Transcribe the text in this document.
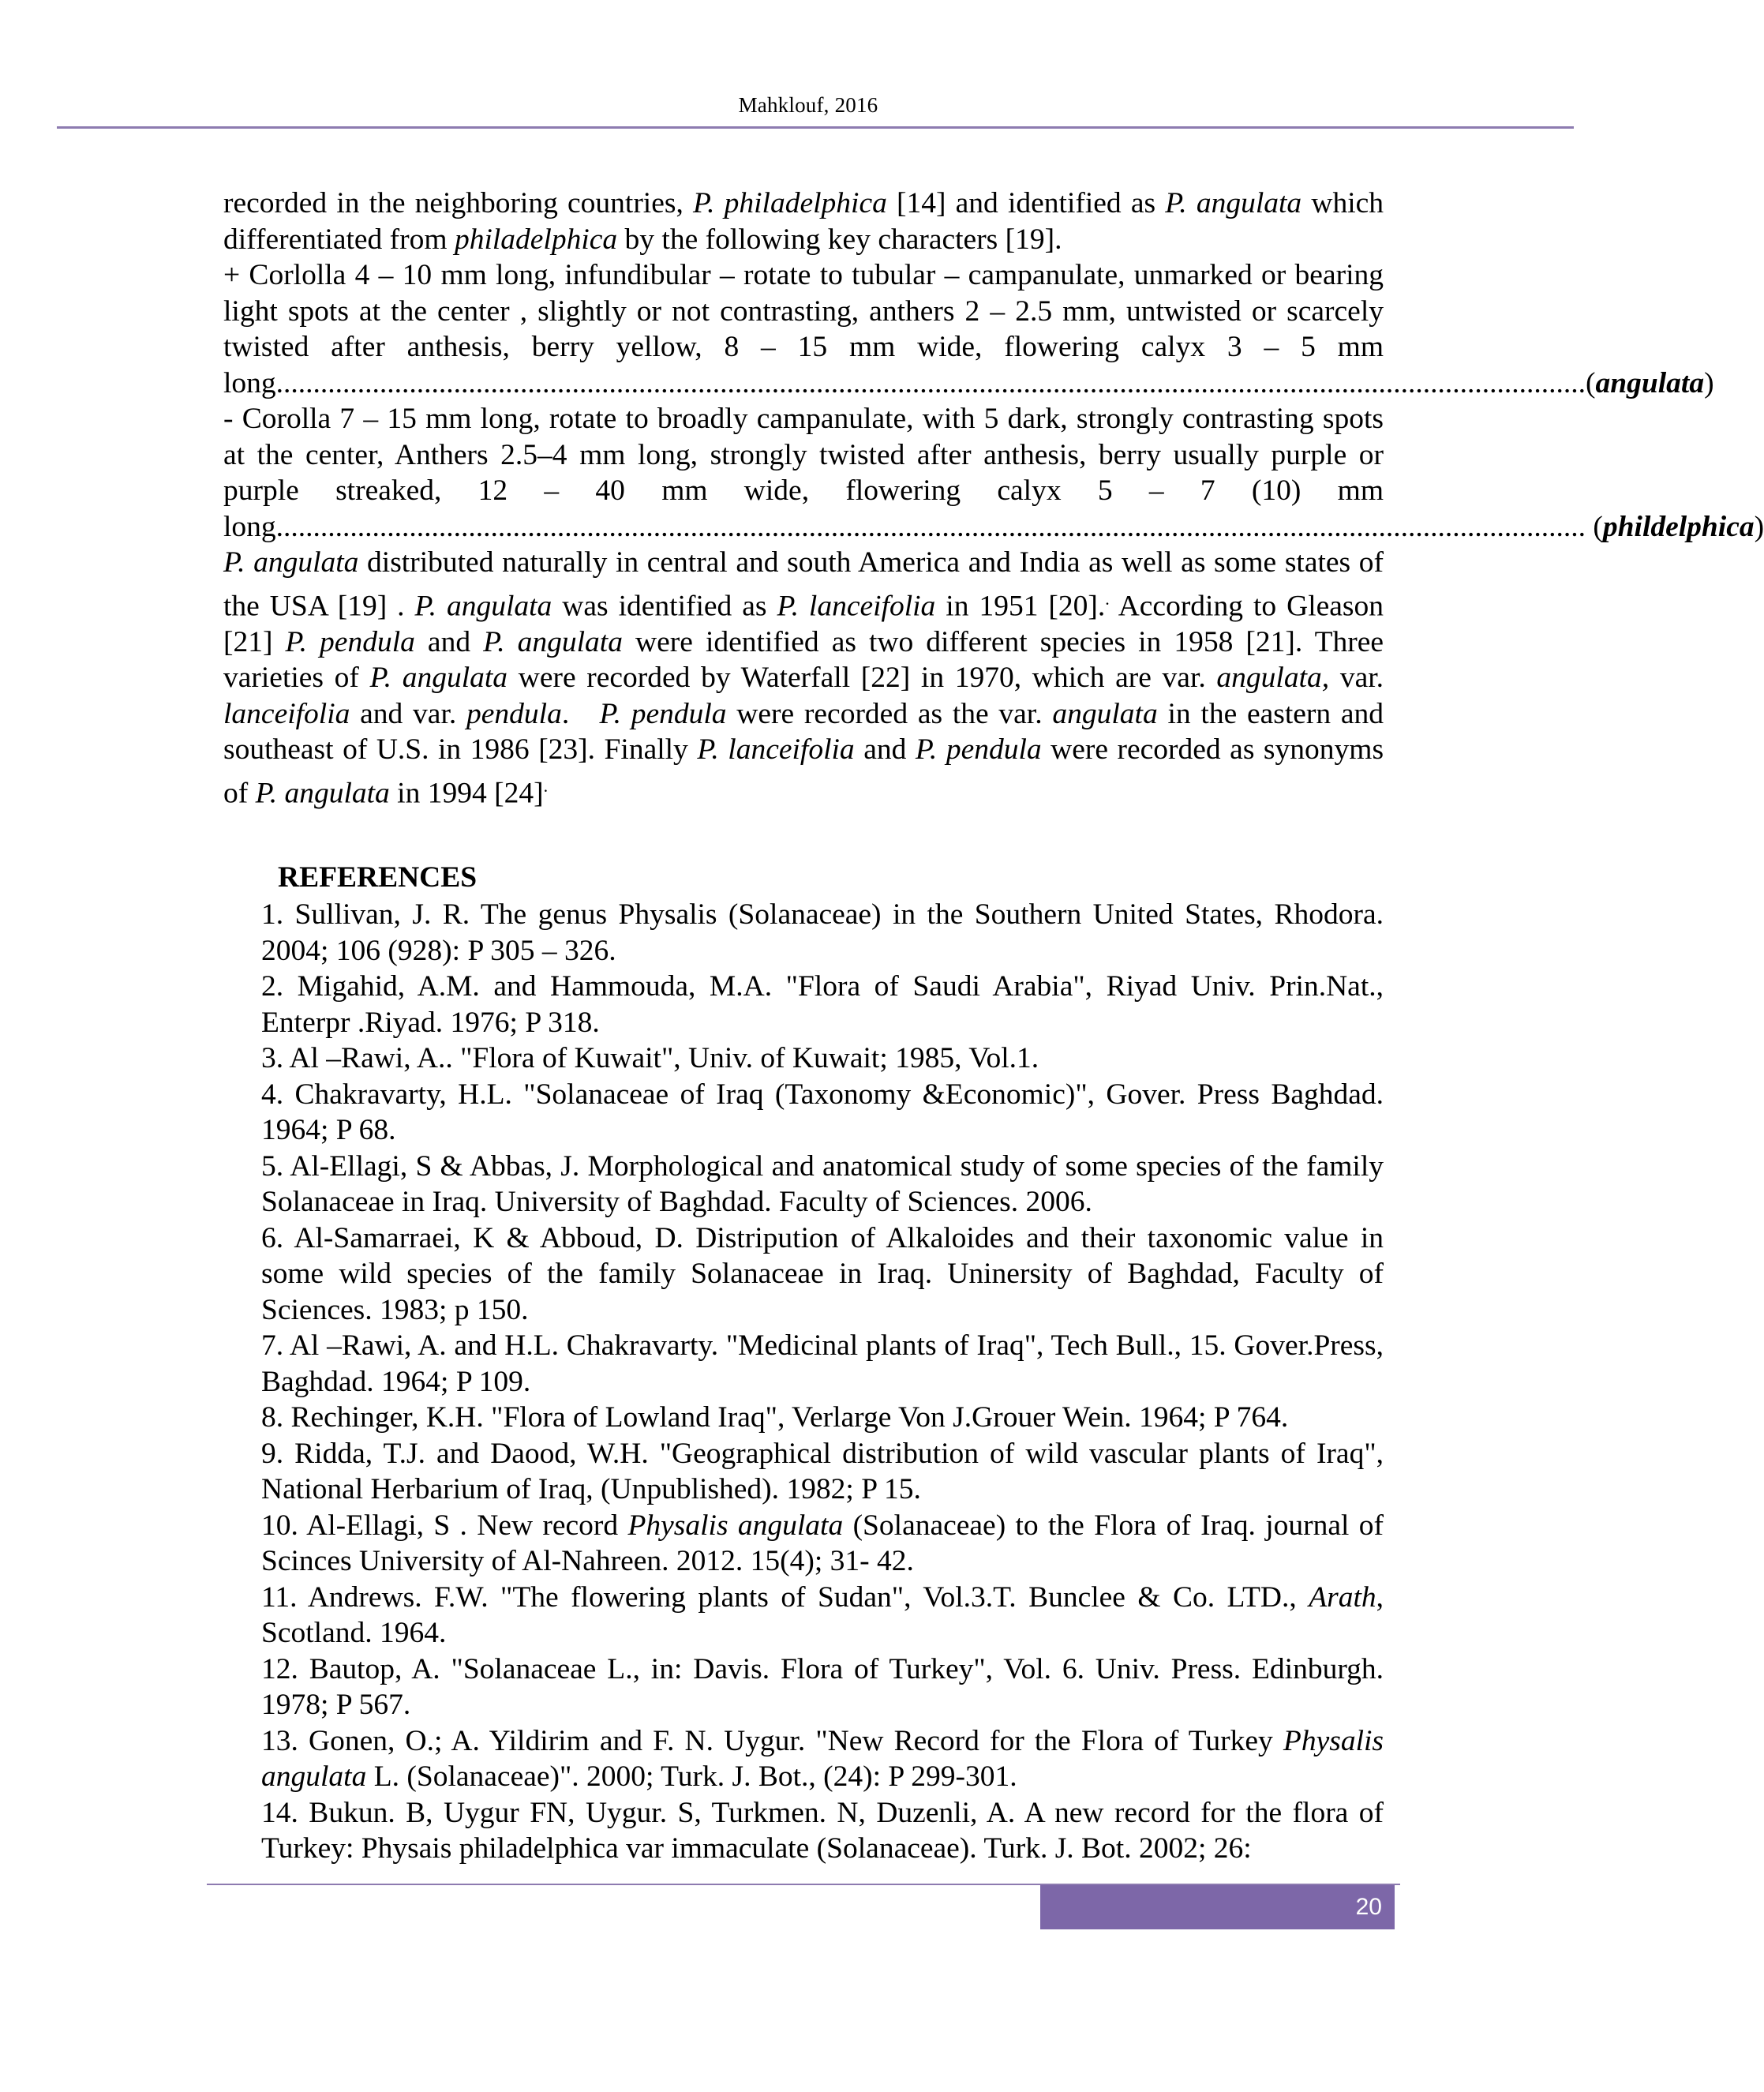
Mahklouf, 2016

recorded in the neighboring countries, P. philadelphica [14] and identified as P. angulata which differentiated from philadelphica by the following key characters [19].

+ Corlolla 4 – 10 mm long, infundibular – rotate to tubular – campanulate, unmarked or bearing light spots at the center , slightly or not contrasting, anthers 2 – 2.5 mm, untwisted or scarcely twisted after anthesis, berry yellow, 8 – 15 mm wide, flowering calyx 3 – 5 mm

long ................................................................................................................................................................................. ( angulata )

- Corolla 7 – 15 mm long, rotate to broadly campanulate, with 5 dark, strongly contrasting spots at the center, Anthers 2.5–4 mm long, strongly twisted after anthesis, berry usually purple or purple streaked, 12 – 40 mm wide, flowering calyx 5 – 7 (10) mm

long ................................................................................................................................................................................. ( phildelphica )

P. angulata distributed naturally in central and south America and India as well as some states of the USA [19] . P. angulata was identified as P. lanceifolia in 1951 [20].. According to Gleason [21] P. pendula and P. angulata were identified as two different species in 1958 [21]. Three varieties of P. angulata were recorded by Waterfall [22] in 1970, which are var. angulata, var. lanceifolia and var. pendula. P. pendula were recorded as the var. angulata in the eastern and southeast of U.S. in 1986 [23]. Finally P. lanceifolia and P. pendula were recorded as synonyms of P. angulata in 1994 [24].

REFERENCES

1. Sullivan, J. R. The genus Physalis (Solanaceae) in the Southern United States, Rhodora. 2004; 106 (928): P 305 – 326.

2. Migahid, A.M. and Hammouda, M.A. "Flora of Saudi Arabia", Riyad Univ. Prin.Nat., Enterpr .Riyad. 1976; P 318.

3. Al –Rawi, A.. "Flora of Kuwait", Univ. of Kuwait; 1985, Vol.1.

4. Chakravarty, H.L. "Solanaceae of Iraq (Taxonomy &Economic)", Gover. Press Baghdad. 1964; P 68.

5. Al-Ellagi, S & Abbas, J. Morphological and anatomical study of some species of the family Solanaceae in Iraq. University of Baghdad. Faculty of Sciences. 2006.

6. Al-Samarraei, K & Abboud, D. Distripution of Alkaloides and their taxonomic value in some wild species of the family Solanaceae in Iraq. Uninersity of Baghdad, Faculty of Sciences. 1983; p 150.

7. Al –Rawi, A. and H.L. Chakravarty. "Medicinal plants of Iraq", Tech Bull., 15. Gover.Press, Baghdad. 1964; P 109.

8. Rechinger, K.H. "Flora of Lowland Iraq", Verlarge Von J.Grouer Wein. 1964; P 764.

9. Ridda, T.J. and Daood, W.H. "Geographical distribution of wild vascular plants of Iraq", National Herbarium of Iraq, (Unpublished). 1982; P 15.

10. Al-Ellagi, S . New record Physalis angulata (Solanaceae) to the Flora of Iraq. journal of Scinces University of Al-Nahreen. 2012. 15(4); 31- 42.

11. Andrews. F.W. "The flowering plants of Sudan", Vol.3.T. Bunclee & Co. LTD., Arath, Scotland. 1964.

12. Bautop, A. "Solanaceae L., in: Davis. Flora of Turkey", Vol. 6. Univ. Press. Edinburgh. 1978; P 567.

13. Gonen, O.; A. Yildirim and F. N. Uygur. "New Record for the Flora of Turkey Physalis angulata L. (Solanaceae)". 2000; Turk. J. Bot., (24): P 299-301.

14. Bukun. B, Uygur FN, Uygur. S, Turkmen. N, Duzenli, A. A new record for the flora of Turkey: Physais philadelphica var immaculate (Solanaceae). Turk. J. Bot. 2002; 26:

20
